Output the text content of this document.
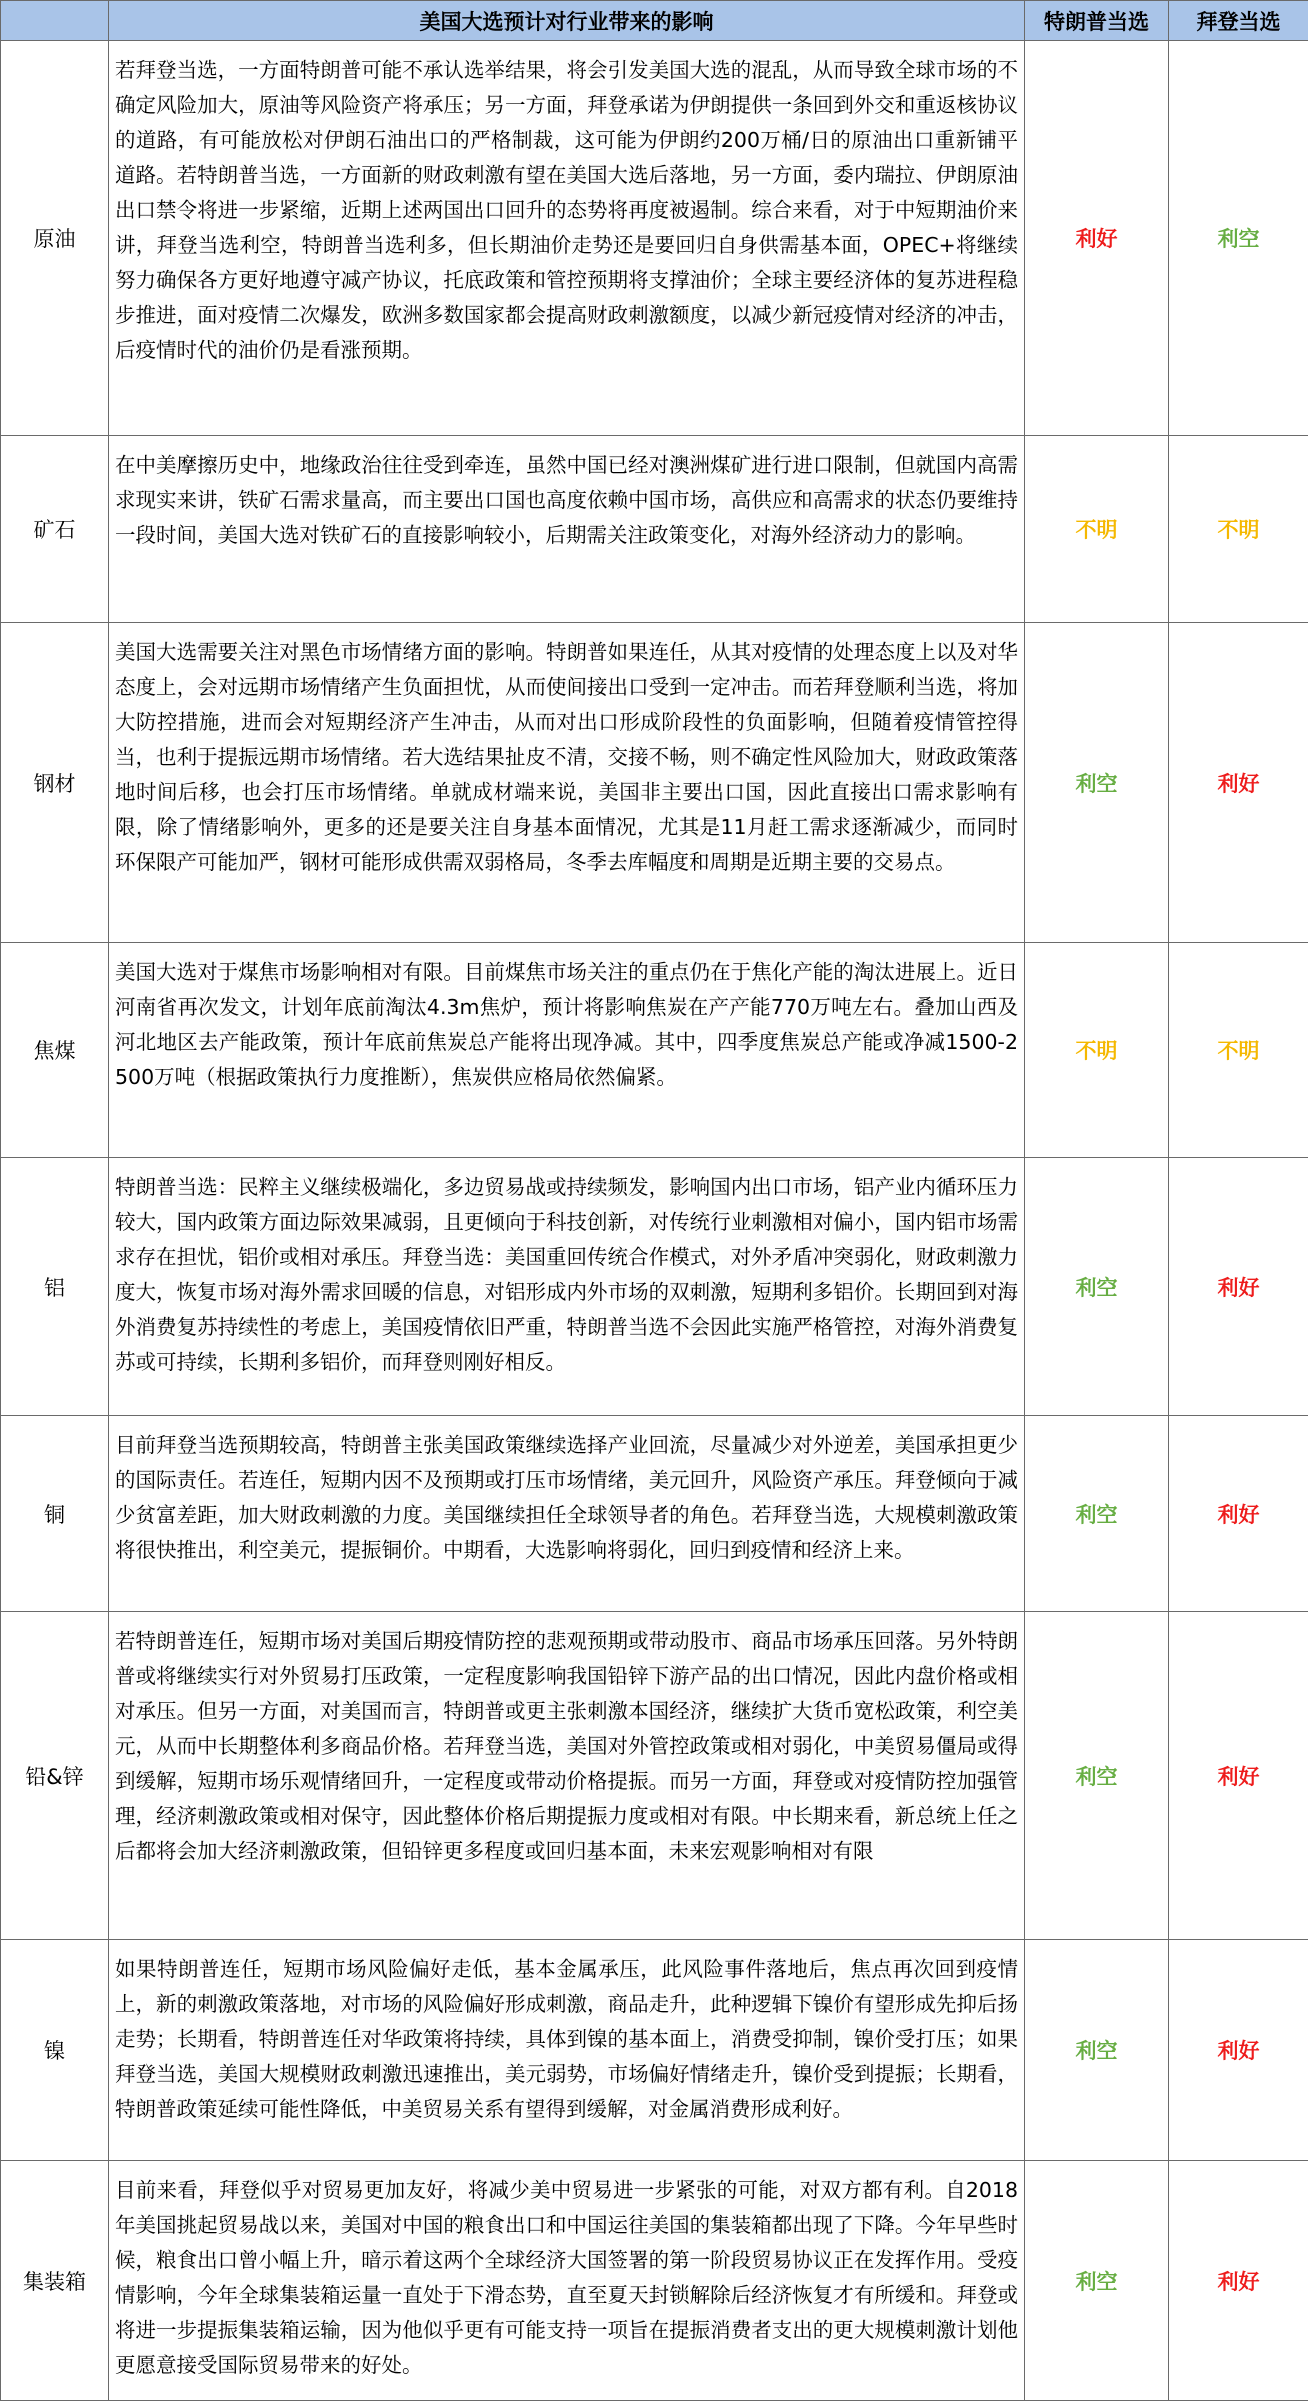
	美国大选预计对行业带来的影响	特朗普当选	拜登当选
原油	若拜登当选，一方面特朗普可能不承认选举结果，将会引发美国大选的混乱，从而导致全球市场的不确定风险加大，原油等风险资产将承压；另一方面，拜登承诺为伊朗提供一条回到外交和重返核协议的道路，有可能放松对伊朗石油出口的严格制裁，这可能为伊朗约200万桶/日的原油出口重新铺平道路。若特朗普当选，一方面新的财政刺激有望在美国大选后落地，另一方面，委内瑞拉、伊朗原油出口禁令将进一步紧缩，近期上述两国出口回升的态势将再度被遏制。综合来看，对于中短期油价来讲，拜登当选利空，特朗普当选利多，但长期油价走势还是要回归自身供需基本面，OPEC+将继续努力确保各方更好地遵守减产协议，托底政策和管控预期将支撑油价；全球主要经济体的复苏进程稳步推进，面对疫情二次爆发，欧洲多数国家都会提高财政刺激额度，以减少新冠疫情对经济的冲击，后疫情时代的油价仍是看涨预期。	利好	利空
矿石	在中美摩擦历史中，地缘政治往往受到牵连，虽然中国已经对澳洲煤矿进行进口限制，但就国内高需求现实来讲，铁矿石需求量高，而主要出口国也高度依赖中国市场，高供应和高需求的状态仍要维持一段时间，美国大选对铁矿石的直接影响较小，后期需关注政策变化，对海外经济动力的影响。	不明	不明
钢材	美国大选需要关注对黑色市场情绪方面的影响。特朗普如果连任，从其对疫情的处理态度上以及对华态度上，会对远期市场情绪产生负面担忧，从而使间接出口受到一定冲击。而若拜登顺利当选，将加大防控措施，进而会对短期经济产生冲击，从而对出口形成阶段性的负面影响，但随着疫情管控得当，也利于提振远期市场情绪。若大选结果扯皮不清，交接不畅，则不确定性风险加大，财政政策落地时间后移，也会打压市场情绪。单就成材端来说，美国非主要出口国，因此直接出口需求影响有限，除了情绪影响外，更多的还是要关注自身基本面情况，尤其是11月赶工需求逐渐减少，而同时环保限产可能加严，钢材可能形成供需双弱格局，冬季去库幅度和周期是近期主要的交易点。	利空	利好
焦煤	美国大选对于煤焦市场影响相对有限。目前煤焦市场关注的重点仍在于焦化产能的淘汰进展上。近日河南省再次发文，计划年底前淘汰4.3m焦炉，预计将影响焦炭在产产能770万吨左右。叠加山西及河北地区去产能政策，预计年底前焦炭总产能将出现净减。其中，四季度焦炭总产能或净减1500-2500万吨（根据政策执行力度推断），焦炭供应格局依然偏紧。	不明	不明
铝	特朗普当选：民粹主义继续极端化，多边贸易战或持续频发，影响国内出口市场，铝产业内循环压力较大，国内政策方面边际效果减弱，且更倾向于科技创新，对传统行业刺激相对偏小，国内铝市场需求存在担忧，铝价或相对承压。拜登当选：美国重回传统合作模式，对外矛盾冲突弱化，财政刺激力度大，恢复市场对海外需求回暖的信息，对铝形成内外市场的双刺激，短期利多铝价。长期回到对海外消费复苏持续性的考虑上，美国疫情依旧严重，特朗普当选不会因此实施严格管控，对海外消费复苏或可持续，长期利多铝价，而拜登则刚好相反。	利空	利好
铜	目前拜登当选预期较高，特朗普主张美国政策继续选择产业回流，尽量减少对外逆差，美国承担更少的国际责任。若连任，短期内因不及预期或打压市场情绪，美元回升，风险资产承压。拜登倾向于减少贫富差距，加大财政刺激的力度。美国继续担任全球领导者的角色。若拜登当选，大规模刺激政策将很快推出，利空美元，提振铜价。中期看，大选影响将弱化，回归到疫情和经济上来。	利空	利好
铅&锌	若特朗普连任，短期市场对美国后期疫情防控的悲观预期或带动股市、商品市场承压回落。另外特朗普或将继续实行对外贸易打压政策，一定程度影响我国铅锌下游产品的出口情况，因此内盘价格或相对承压。但另一方面，对美国而言，特朗普或更主张刺激本国经济，继续扩大货币宽松政策，利空美元，从而中长期整体利多商品价格。若拜登当选，美国对外管控政策或相对弱化，中美贸易僵局或得到缓解，短期市场乐观情绪回升，一定程度或带动价格提振。而另一方面，拜登或对疫情防控加强管理，经济刺激政策或相对保守，因此整体价格后期提振力度或相对有限。中长期来看，新总统上任之后都将会加大经济刺激政策，但铅锌更多程度或回归基本面，未来宏观影响相对有限	利空	利好
镍	如果特朗普连任，短期市场风险偏好走低，基本金属承压，此风险事件落地后，焦点再次回到疫情上，新的刺激政策落地，对市场的风险偏好形成刺激，商品走升，此种逻辑下镍价有望形成先抑后扬走势；长期看，特朗普连任对华政策将持续，具体到镍的基本面上，消费受抑制，镍价受打压；如果拜登当选，美国大规模财政刺激迅速推出，美元弱势，市场偏好情绪走升，镍价受到提振；长期看，特朗普政策延续可能性降低，中美贸易关系有望得到缓解，对金属消费形成利好。	利空	利好
集装箱	目前来看，拜登似乎对贸易更加友好，将减少美中贸易进一步紧张的可能，对双方都有利。自2018年美国挑起贸易战以来，美国对中国的粮食出口和中国运往美国的集装箱都出现了下降。今年早些时候，粮食出口曾小幅上升，暗示着这两个全球经济大国签署的第一阶段贸易协议正在发挥作用。受疫情影响，今年全球集装箱运量一直处于下滑态势，直至夏天封锁解除后经济恢复才有所缓和。拜登或将进一步提振集装箱运输，因为他似乎更有可能支持一项旨在提振消费者支出的更大规模刺激计划他更愿意接受国际贸易带来的好处。	利空	利好
